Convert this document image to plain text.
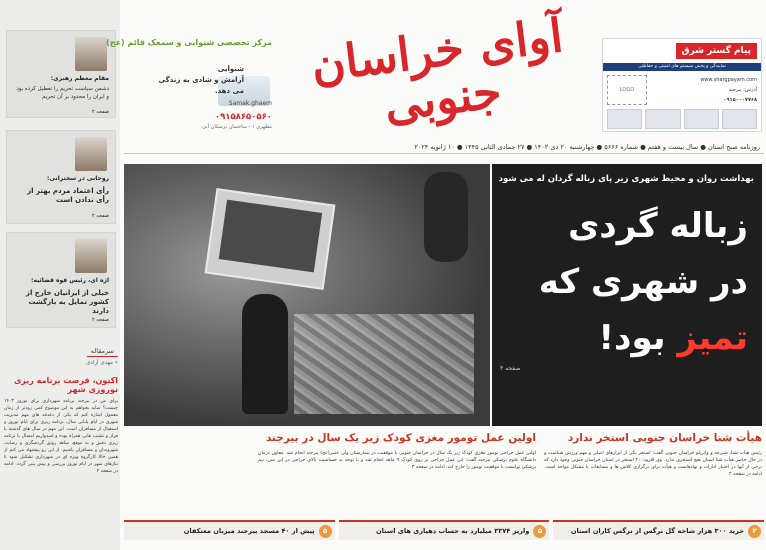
مقام معظم رهبری:
دشمن سیاست تحریم را تعطیل کرده بود و ایران را محدود بر آن تحریم
صفحه ۲
روحانی در سخنرانی:
رأی اعتماد مردم بهتر از رأی ندادن است
صفحه ۲
اژه ای، رئیس قوه قضائیه:
خیلی از ایرانیان خارج از کشور تمایل به بازگشت دارند
صفحه ۲
سرمقاله
• مهدی آزادی
اکنون، فرصت برنامه ریزی نوروزی شهر
برای من در بیرجند برنامه شهرداری برای نوروز ۱۴۰۳ چیست؟ شاید بخواهم به این موضوع کمی زودتر از زمان معمول اشاره کنم که یکی از دغدغه های مهم مدیریت شهری در ایام پایانی سال، برنامه ریزی برای ایام نوروز و استقبال از مسافران است. این مهم در سال های گذشته با فراز و نشیب هایی همراه بوده و امیدواریم امسال با برنامه ریزی دقیق و به موقع، شاهد رونق گردشگری و رضایت شهروندان و مسافران باشیم. از این رو پیشنهاد می کنم از همین حالا کارگروه ویژه ای در شهرداری تشکیل شود تا نیازهای شهر در ایام نوروز بررسی و پیش بینی گردد. ادامه در صفحه ۲
مرکز تخصصی شنوایی و سمعک قائم (عج)
شنوایی
آرامش و شادی به زندگی
می دهد.
Samak.ghaem
۰۹۱۵۸۶۵۰۵۶۰
مطهری ۱ - ساختمان پزشکان آبی
آوای خراسان جنوبی
پیام گستر شرق
نمایندگی و پخش سیستم های امنیتی و حفاظتی
www.shargpayam.com
آدرس: بیرجند
۰۹۱۵۰۰۰۷۷۶۸
LOGO
روزنامه صبح استان ● سال بیست و هفتم ● شماره ۵۶۶۶ ● چهارشنبه ۲۰ دی ۱۴۰۲ ● ۲۷ جمادی الثانی ۱۴۴۵ ● ۱۰ ژانویه ۲۰۲۴
بهداشت روان و محیط شهری زیر پای زباله گردان له می شود
زباله گردی
در شهری که
تمیز بود!
صفحه ۳
هیأت شنا خراسان جنوبی استخر ندارد
رئیس هیأت شنا، شیرجه و واترپلو خراسان جنوبی گفت: استخر یکی از ابزارهای اصلی و مهم ورزش شناست و در حال حاضر هیأت شنا استان هیچ استخری ندارد. وی افزود: ۲۰ استخر در استان خراسان جنوبی وجود دارد که برخی از آنها در اختیار ادارات و نهادهاست و هیأت برای برگزاری کلاس ها و مسابقات با مشکل مواجه است. ادامه در صفحه ۲
اولین عمل تومور مغزی کودک زیر یک سال در بیرجند
اولین عمل جراحی تومور مغزی کودک زیر یک سال در خراسان جنوبی با موفقیت در بیمارستان ولی عصر(عج) بیرجند انجام شد. معاون درمان دانشگاه علوم پزشکی بیرجند گفت: این عمل جراحی بر روی کودک ۹ ماهه انجام شد و با توجه به حساسیت بالای جراحی در این سن، تیم پزشکی توانست با موفقیت تومور را خارج کند. ادامه در صفحه ۳
۲
خرید ۳۰۰ هزار شاخه گل نرگس از نرگس کاران استان
۵
واریز ۳۳۷۴ میلیارد به حساب دهیاری های استان
۵
پیش از ۴۰ مسجد بیرجند میزبان معتکفان
